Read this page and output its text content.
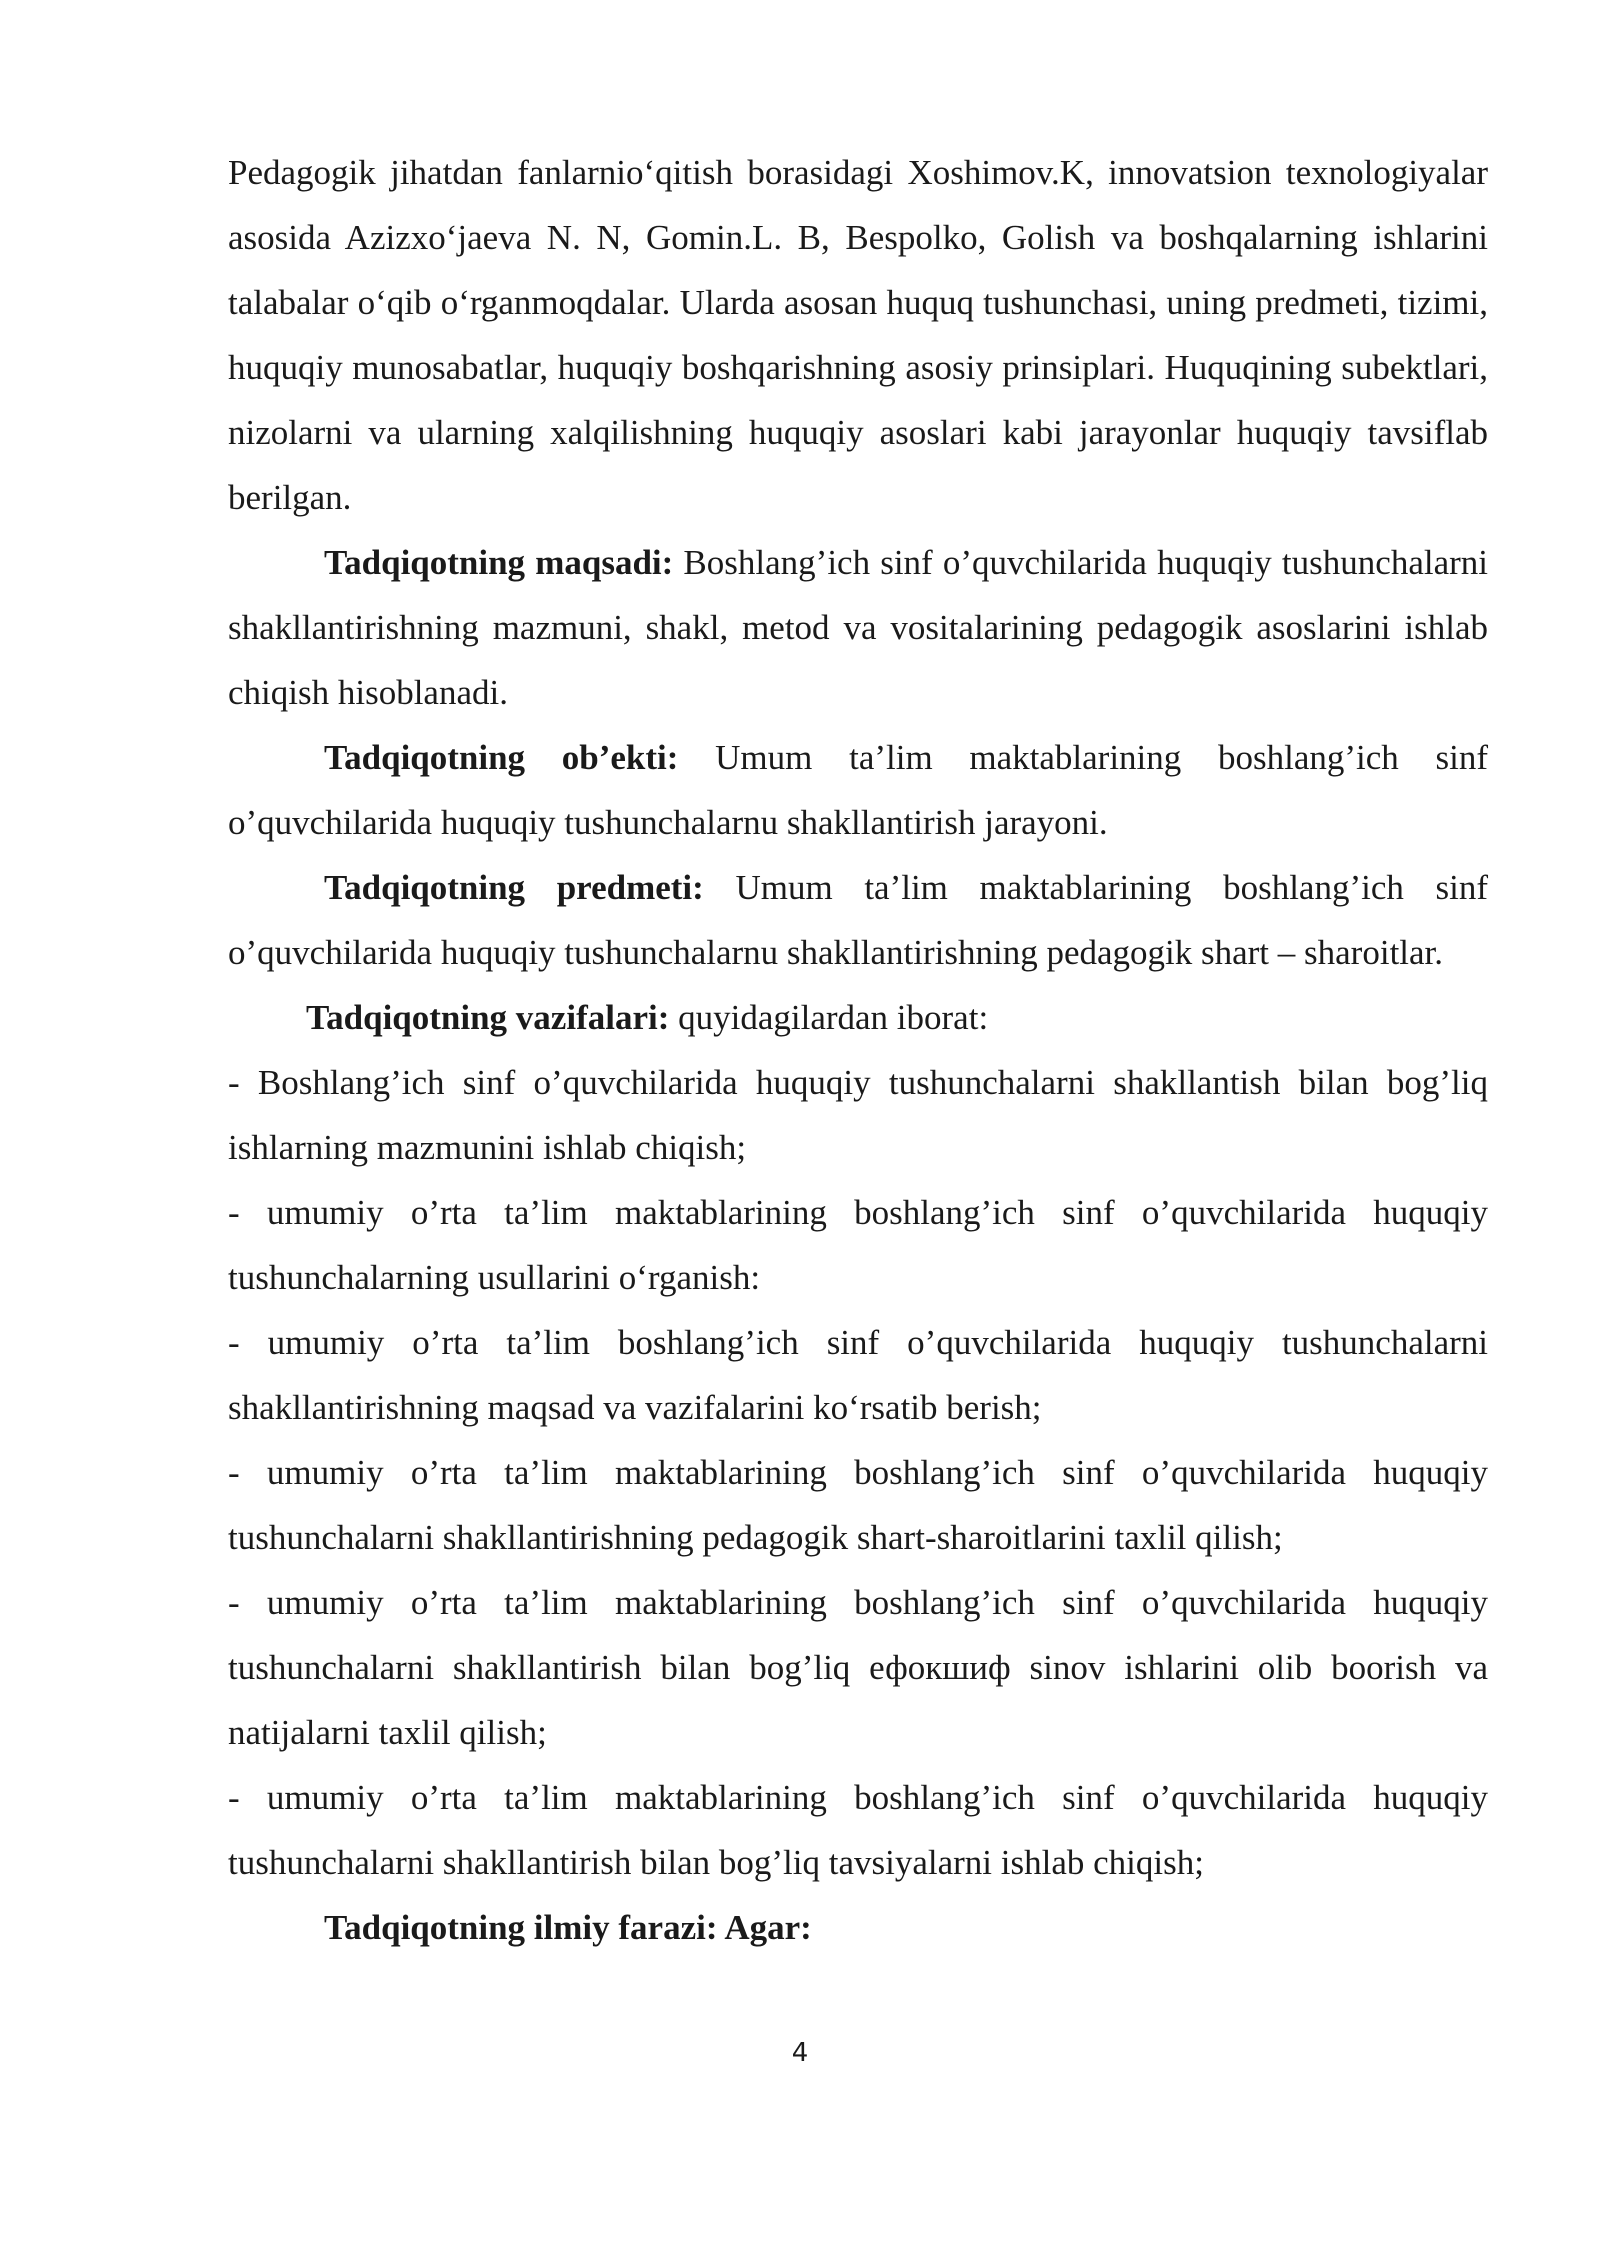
Pedagogik jihatdan fanlarnio‘qitish borasidagi Xoshimov.K, innovatsion texnologiyalar asosida Azizxo‘jaeva N. N, Gomin.L. B, Bespolko, Golish va boshqalarning ishlarini talabalar o‘qib o‘rganmoqdalar. Ularda asosan huquq tushunchasi, uning predmeti, tizimi, huquqiy munosabatlar, huquqiy boshqarishning asosiy prinsiplari. Huquqining subektlari, nizolarni va ularning xalqilishning huquqiy asoslari kabi jarayonlar huquqiy tavsiflab berilgan.

Tadqiqotning maqsadi: Boshlang’ich sinf o’quvchilarida huquqiy tushunchalarni shakllantirishning mazmuni, shakl, metod va vositalarining pedagogik asoslarini ishlab chiqish hisoblanadi.

Tadqiqotning ob’ekti: Umum ta’lim maktablarining boshlang’ich sinf o’quvchilarida huquqiy tushunchalarnu shakllantirish jarayoni.

Tadqiqotning predmeti: Umum ta’lim maktablarining boshlang’ich sinf o’quvchilarida huquqiy tushunchalarnu shakllantirishning pedagogik shart – sharoitlar.

Tadqiqotning vazifalari: quyidagilardan iborat:

- Boshlang’ich sinf o’quvchilarida huquqiy tushunchalarni shakllantish bilan bog’liq ishlarning mazmunini ishlab chiqish;

- umumiy o’rta ta’lim maktablarining boshlang’ich sinf o’quvchilarida huquqiy tushunchalarning usullarini o‘rganish:

- umumiy o’rta ta’lim boshlang’ich sinf o’quvchilarida huquqiy tushunchalarni shakllantirishning maqsad va vazifalarini ko‘rsatib berish;

- umumiy o’rta ta’lim maktablarining boshlang’ich sinf o’quvchilarida huquqiy tushunchalarni shakllantirishning pedagogik shart-sharoitlarini taxlil qilish;

- umumiy o’rta ta’lim maktablarining boshlang’ich sinf o’quvchilarida huquqiy tushunchalarni shakllantirish bilan bog’liq ефокшиф sinov ishlarini olib boorish va natijalarni taxlil qilish;

- umumiy o’rta ta’lim maktablarining boshlang’ich sinf o’quvchilarida huquqiy tushunchalarni shakllantirish bilan bog’liq tavsiyalarni ishlab chiqish;

Tadqiqotning ilmiy farazi: Agar:

4
